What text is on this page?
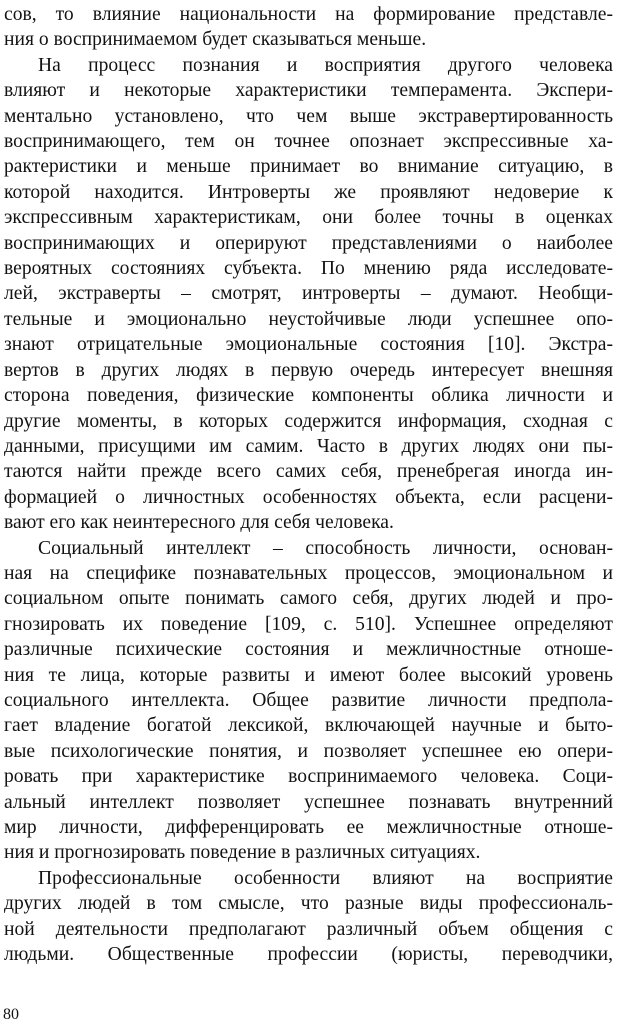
сов, то влияние национальности на формирование представле-
ния о воспринимаемом будет сказываться меньше.
На процесс познания и восприятия другого человека
влияют и некоторые характеристики темперамента. Экспери-
ментально установлено, что чем выше экстравертированность
воспринимающего, тем он точнее опознает экспрессивные ха-
рактеристики и меньше принимает во внимание ситуацию, в
которой находится. Интроверты же проявляют недоверие к
экспрессивным характеристикам, они более точны в оценках
воспринимающих и оперируют представлениями о наиболее
вероятных состояниях субъекта. По мнению ряда исследовате-
лей, экстраверты – смотрят, интроверты – думают. Необщи-
тельные и эмоционально неустойчивые люди успешнее опо-
знают отрицательные эмоциональные состояния [10]. Экстра-
вертов в других людях в первую очередь интересует внешняя
сторона поведения, физические компоненты облика личности и
другие моменты, в которых содержится информация, сходная с
данными, присущими им самим. Часто в других людях они пы-
таются найти прежде всего самих себя, пренебрегая иногда ин-
формацией о личностных особенностях объекта, если расцени-
вают его как неинтересного для себя человека.
Социальный интеллект – способность личности, основан-
ная на специфике познавательных процессов, эмоциональном и
социальном опыте понимать самого себя, других людей и про-
гнозировать их поведение [109, с. 510]. Успешнее определяют
различные психические состояния и межличностные отноше-
ния те лица, которые развиты и имеют более высокий уровень
социального интеллекта. Общее развитие личности предпола-
гает владение богатой лексикой, включающей научные и быто-
вые психологические понятия, и позволяет успешнее ею опери-
ровать при характеристике воспринимаемого человека. Соци-
альный интеллект позволяет успешнее познавать внутренний
мир личности, дифференцировать ее межличностные отноше-
ния и прогнозировать поведение в различных ситуациях.
Профессиональные особенности влияют на восприятие
других людей в том смысле, что разные виды профессиональ-
ной деятельности предполагают различный объем общения с
людьми. Общественные профессии (юристы, переводчики,
80
